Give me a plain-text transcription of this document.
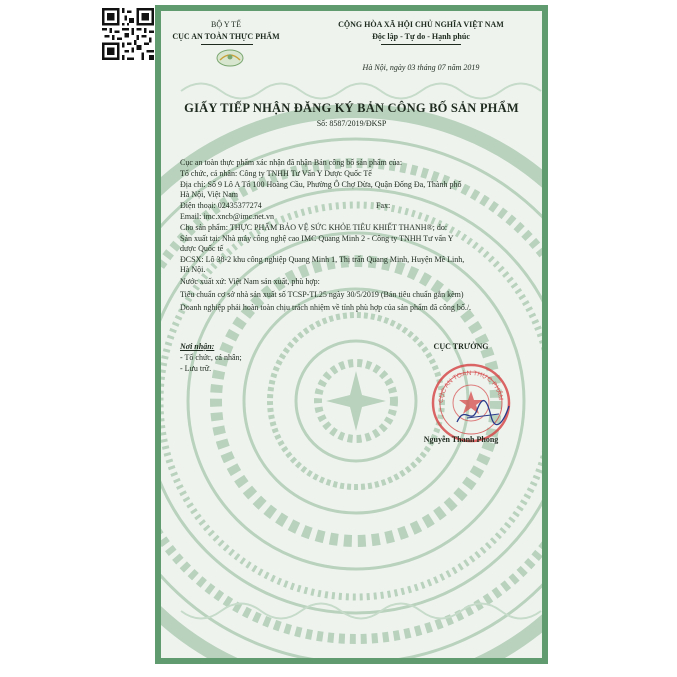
BỘ Y TẾ
CỤC AN TOÀN THỰC PHẨM
CỘNG HÒA XÃ HỘI CHỦ NGHĨA VIỆT NAM
Độc lập - Tự do - Hạnh phúc
Hà Nội, ngày 03 tháng 07 năm 2019
GIẤY TIẾP NHẬN ĐĂNG KÝ BẢN CÔNG BỐ SẢN PHẨM
Số: 8587/2019/ĐKSP
Cục an toàn thực phẩm xác nhận đã nhận Bản công bố sản phẩm của:
Tổ chức, cá nhân: Công ty TNHH Tư Vấn Y Dược Quốc Tế
Địa chỉ: Số 9 Lô A Tổ 100 Hoàng Cầu, Phường Ô Chợ Dừa, Quận Đống Đa, Thành phố
Hà Nội, Việt Nam
Điện thoại: 02435377274	Fax:
Email: imc.xncb@imc.net.vn
Cho sản phẩm: THỰC PHẨM BẢO VỆ SỨC KHỎE TIÊU KHIẾT THANH®; do:
Sản xuất tại: Nhà máy công nghệ cao IMC Quang Minh 2 - Công ty TNHH Tư vấn Y
dược Quốc tế
ĐCSX: Lô 38-2 khu công nghiệp Quang Minh 1, Thị trấn Quang Minh, Huyện Mê Linh,
Hà Nội.
Nước xuất xứ: Việt Nam sản xuất, phù hợp:
Tiêu chuẩn cơ sở nhà sản xuất số TCSP-TI.25 ngày 30/5/2019 (Bản tiêu chuẩn gắn kèm)
Doanh nghiệp phải hoàn toàn chịu trách nhiệm về tính phù hợp của sản phẩm đã công bố./.
Nơi nhận:
- Tổ chức, cá nhân;
- Lưu trữ.
CỤC TRƯỞNG
CỤC AN TOÀN THỰC PHẨM
Nguyễn Thanh Phong
